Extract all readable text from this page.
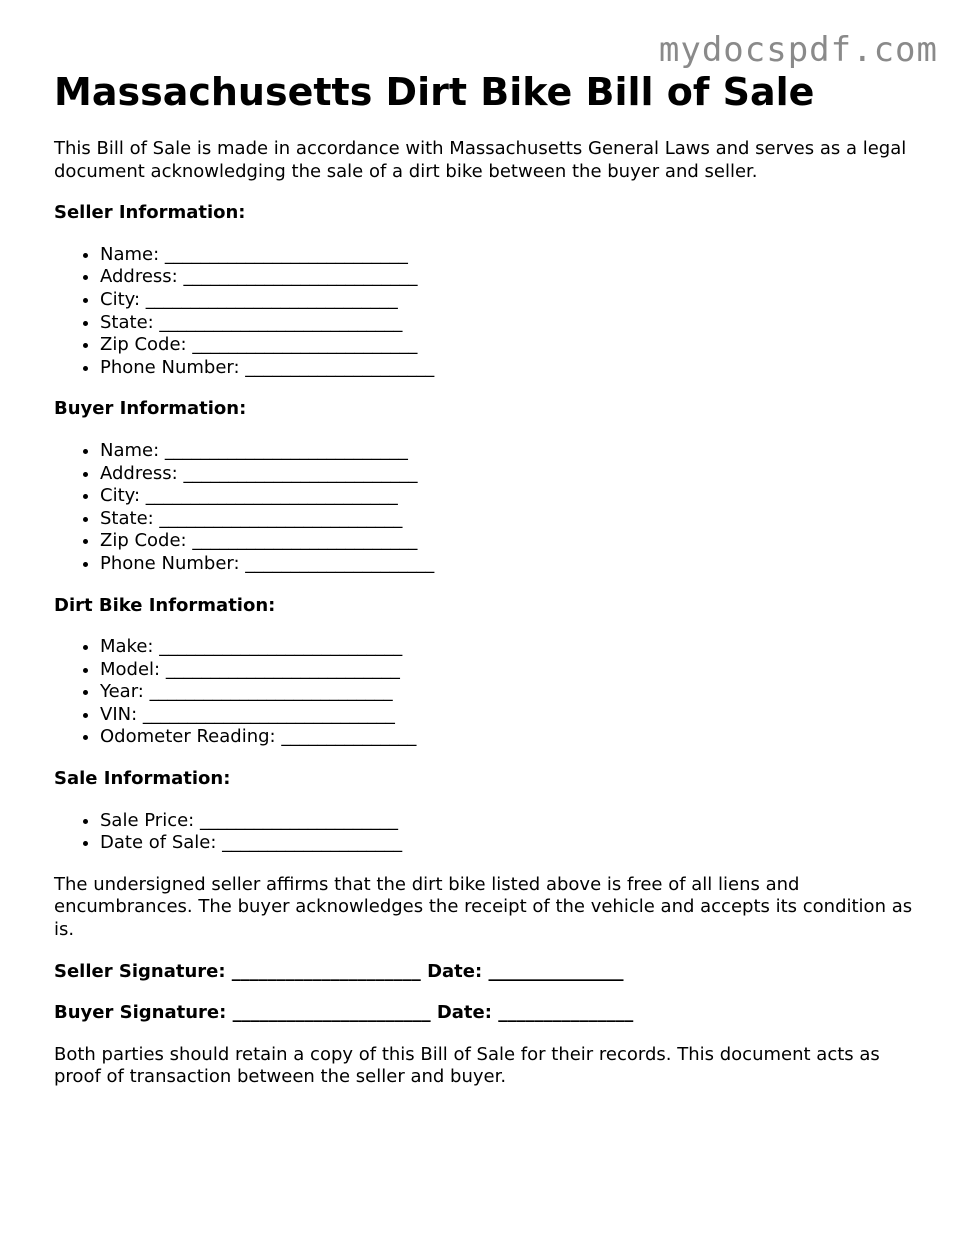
mydocspdf.com
Massachusetts Dirt Bike Bill of Sale

This Bill of Sale is made in accordance with Massachusetts General Laws and serves as a legal document acknowledging the sale of a dirt bike between the buyer and seller.

Seller Information:
• Name: ___________________________
• Address: __________________________
• City: ____________________________
• State: ___________________________
• Zip Code: _________________________
• Phone Number: _____________________
Buyer Information:
• Name: ___________________________
• Address: __________________________
• City: ____________________________
• State: ___________________________
• Zip Code: _________________________
• Phone Number: _____________________
Dirt Bike Information:
• Make: ___________________________
• Model: __________________________
• Year: ___________________________
• VIN: ____________________________
• Odometer Reading: _______________
Sale Information:
• Sale Price: ______________________
• Date of Sale: ____________________

The undersigned seller affirms that the dirt bike listed above is free of all liens and encumbrances. The buyer acknowledges the receipt of the vehicle and accepts its condition as is.

Seller Signature: _____________________ Date: _______________
Buyer Signature: ______________________ Date: _______________

Both parties should retain a copy of this Bill of Sale for their records. This document acts as proof of transaction between the seller and buyer.
